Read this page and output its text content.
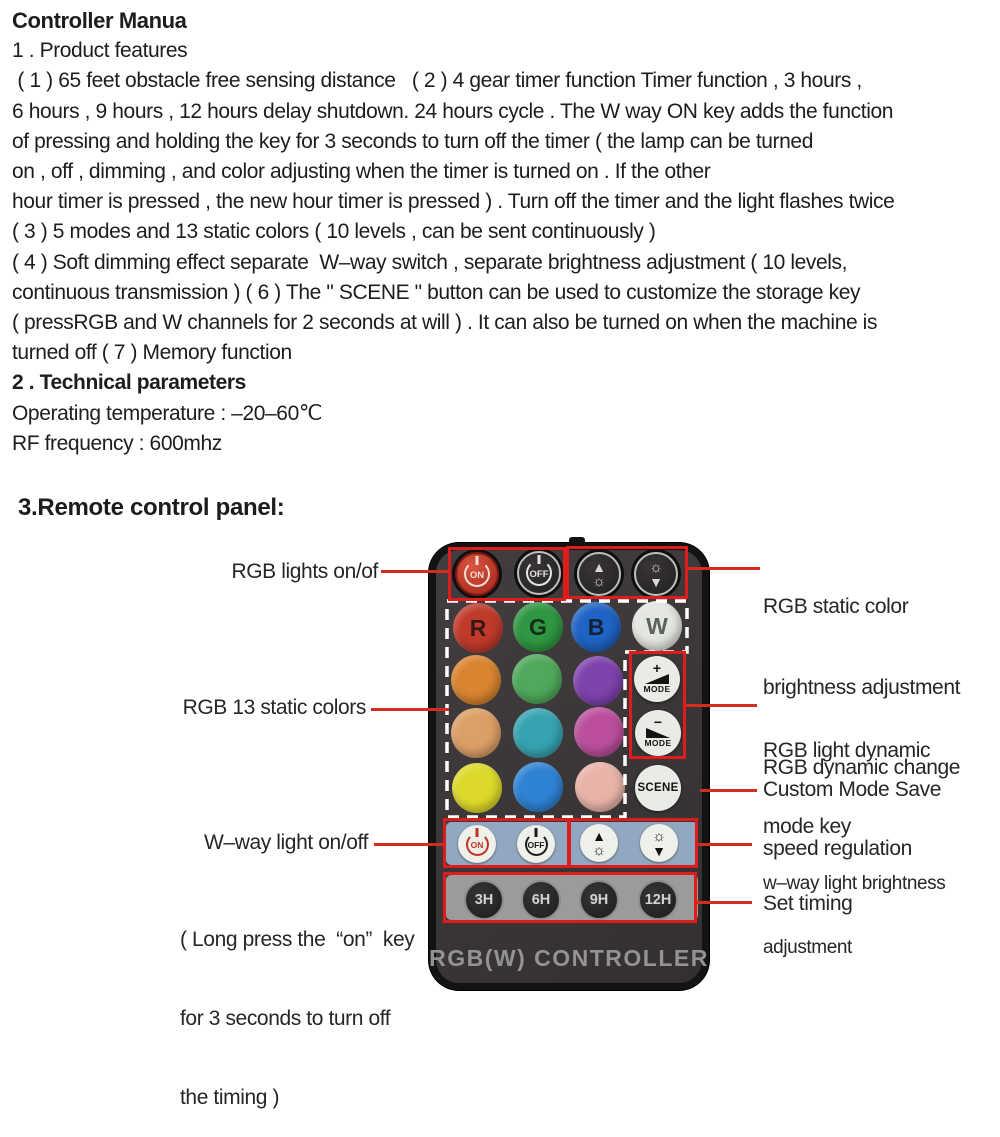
Controller Manua
1 . Product features
( 1 ) 65 feet obstacle free sensing distance   ( 2 ) 4 gear timer function Timer function , 3 hours ,
6 hours , 9 hours , 12 hours delay shutdown. 24 hours cycle . The W way ON key adds the function
of pressing and holding the key for 3 seconds to turn off the timer ( the lamp can be turned
on , off , dimming , and color adjusting when the timer is turned on . If the other
hour timer is pressed , the new hour timer is pressed ) . Turn off the timer and the light flashes twice
( 3 ) 5 modes and 13 static colors ( 10 levels , can be sent continuously )
( 4 ) Soft dimming effect separate  W–way switch , separate brightness adjustment ( 10 levels,
continuous transmission ) ( 6 ) The " SCENE " button can be used to customize the storage key
( pressRGB and W channels for 2 seconds at will ) . It can also be turned on when the machine is
turned off ( 7 ) Memory function
2 . Technical parameters
Operating temperature : –20–60℃
RF frequency : 600mhz
3.Remote control panel:
ON	OFF	▲
☼
☼
▼
R G B W
+
MODE
−
MODE
SCENE
ON	OFF
▲
☼
☼
▼
3H	6H	9H	12H
RGB(W) CONTROLLER
RGB lights on/of
RGB 13 static colors
W–way light on/off

( Long press the  “on”  key

for 3 seconds to turn off

the timing )

RGB static color

brightness adjustment

RGB dynamic change

speed regulation

RGB light dynamic

mode key

Custom Mode Save

w–way light brightness

adjustment

Set timing
